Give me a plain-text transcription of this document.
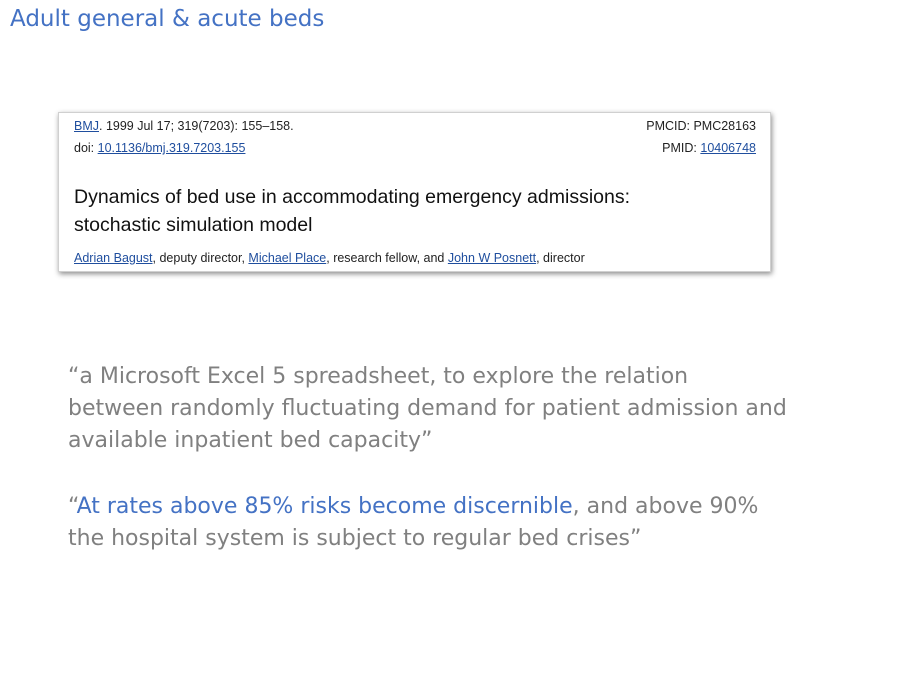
Adult general & acute beds
BMJ. 1999 Jul 17; 319(7203): 155–158.	PMCID: PMC28163
doi: 10.1136/bmj.319.7203.155	PMID: 10406748
Dynamics of bed use in accommodating emergency admissions: stochastic simulation model
Adrian Bagust, deputy director, Michael Place, research fellow, and John W Posnett, director
“a Microsoft Excel 5 spreadsheet, to explore the relation between randomly fluctuating demand for patient admission and available inpatient bed capacity”
“At rates above 85% risks become discernible, and above 90% the hospital system is subject to regular bed crises”
